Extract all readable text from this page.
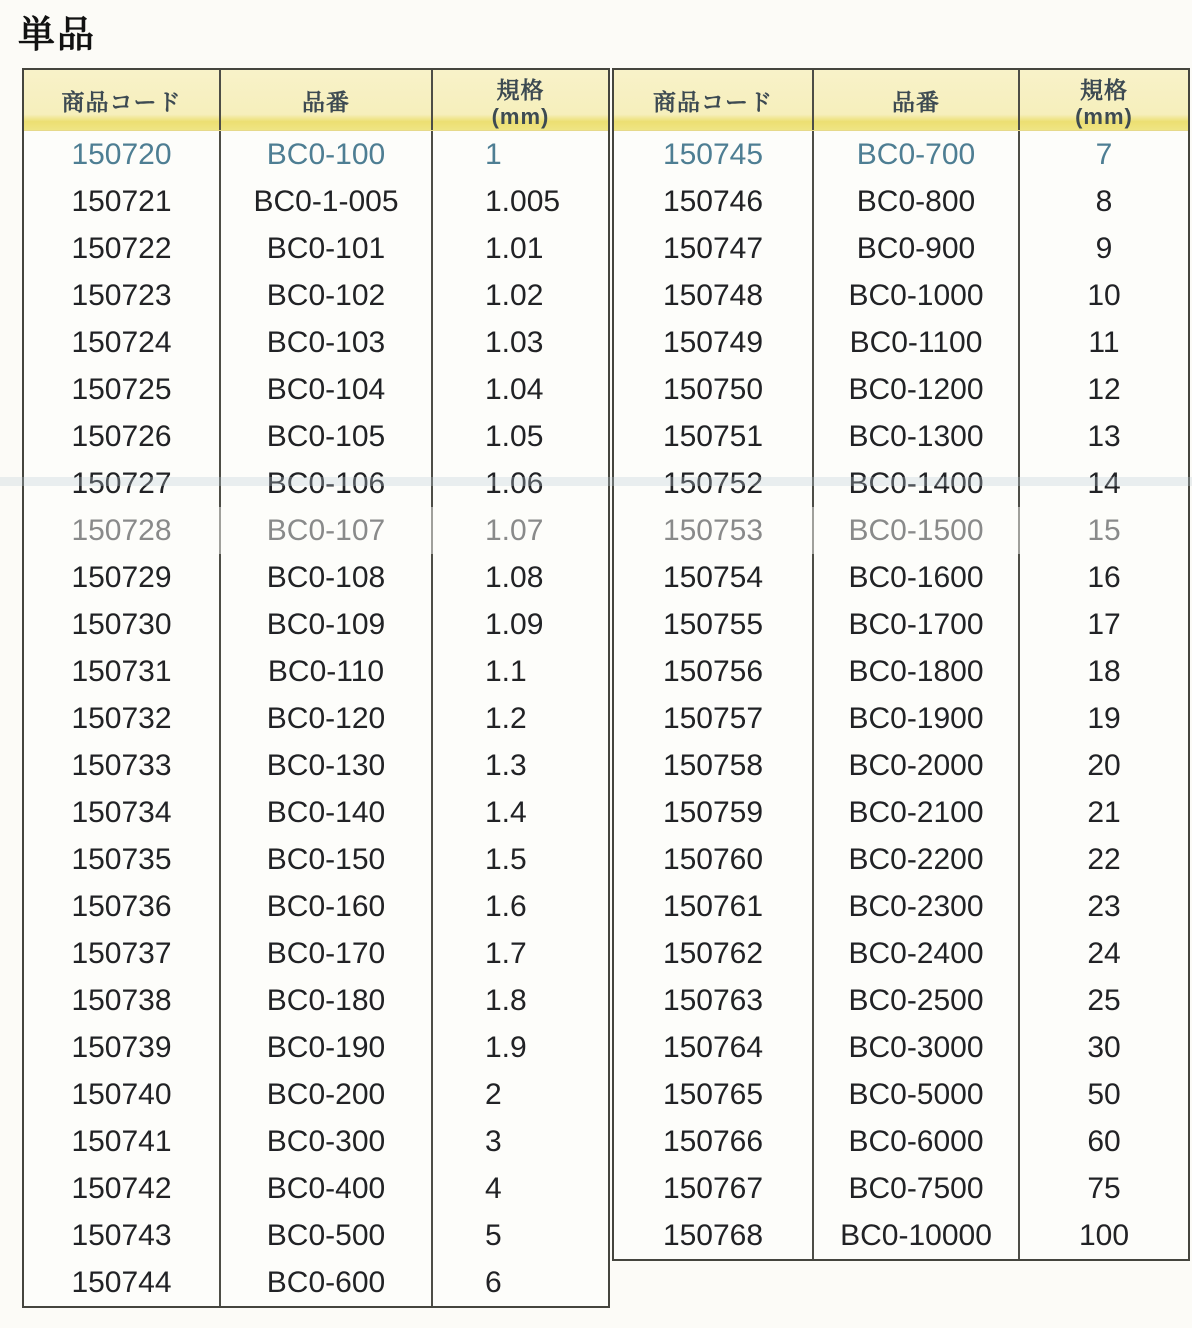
単品
商品コード	品番	規格
(mm)
150720	BC0-100	1
150721	BC0-1-005	1.005
150722	BC0-101	1.01
150723	BC0-102	1.02
150724	BC0-103	1.03
150725	BC0-104	1.04
150726	BC0-105	1.05
150727	BC0-106	1.06
150728	BC0-107	1.07
150729	BC0-108	1.08
150730	BC0-109	1.09
150731	BC0-110	1.1
150732	BC0-120	1.2
150733	BC0-130	1.3
150734	BC0-140	1.4
150735	BC0-150	1.5
150736	BC0-160	1.6
150737	BC0-170	1.7
150738	BC0-180	1.8
150739	BC0-190	1.9
150740	BC0-200	2
150741	BC0-300	3
150742	BC0-400	4
150743	BC0-500	5
150744	BC0-600	6
商品コード	品番	規格
(mm)
150745	BC0-700	7
150746	BC0-800	8
150747	BC0-900	9
150748	BC0-1000	10
150749	BC0-1100	11
150750	BC0-1200	12
150751	BC0-1300	13
150752	BC0-1400	14
150753	BC0-1500	15
150754	BC0-1600	16
150755	BC0-1700	17
150756	BC0-1800	18
150757	BC0-1900	19
150758	BC0-2000	20
150759	BC0-2100	21
150760	BC0-2200	22
150761	BC0-2300	23
150762	BC0-2400	24
150763	BC0-2500	25
150764	BC0-3000	30
150765	BC0-5000	50
150766	BC0-6000	60
150767	BC0-7500	75
150768	BC0-10000	100
